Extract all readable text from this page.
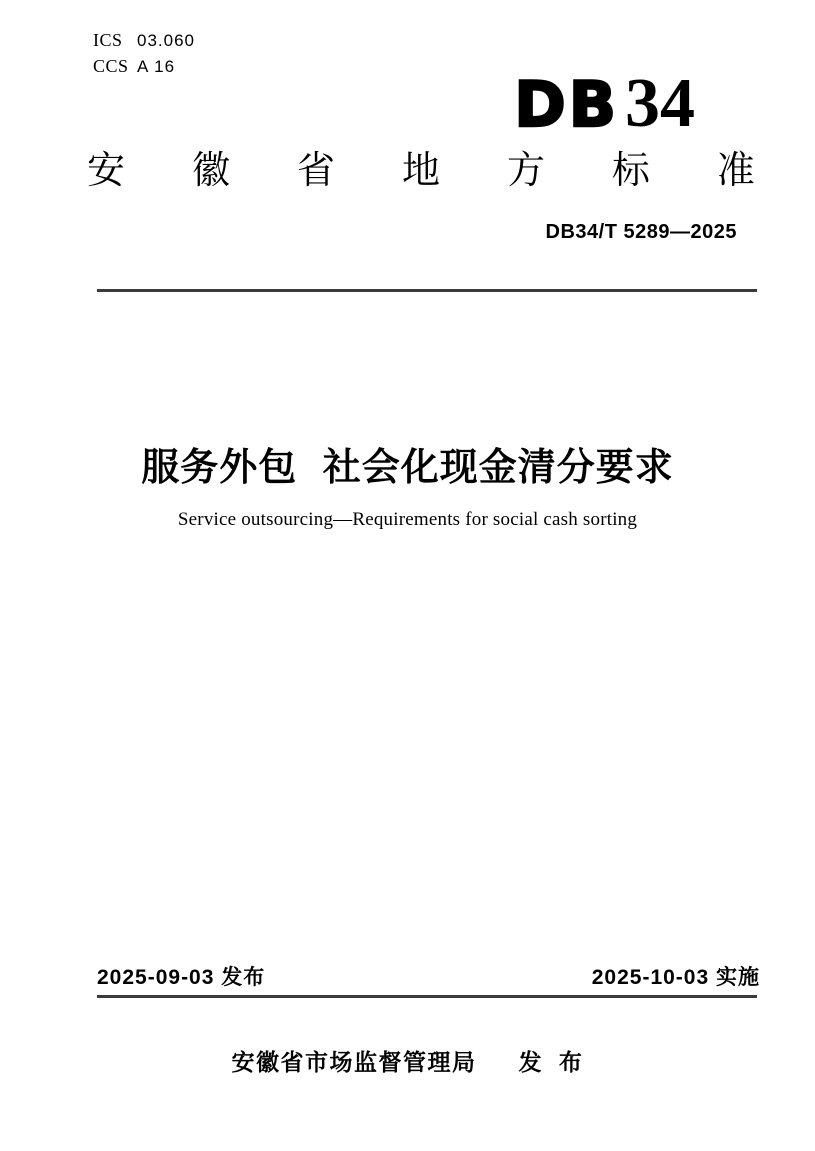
ICS 03.060
CCS A 16
DB34
安 徽 省 地 方 标 准
DB34/T 5289—2025
服务外包 社会化现金清分要求
Service outsourcing—Requirements for social cash sorting
2025-09-03 发布	2025-10-03 实施
安徽省市场监督管理局 发 布
